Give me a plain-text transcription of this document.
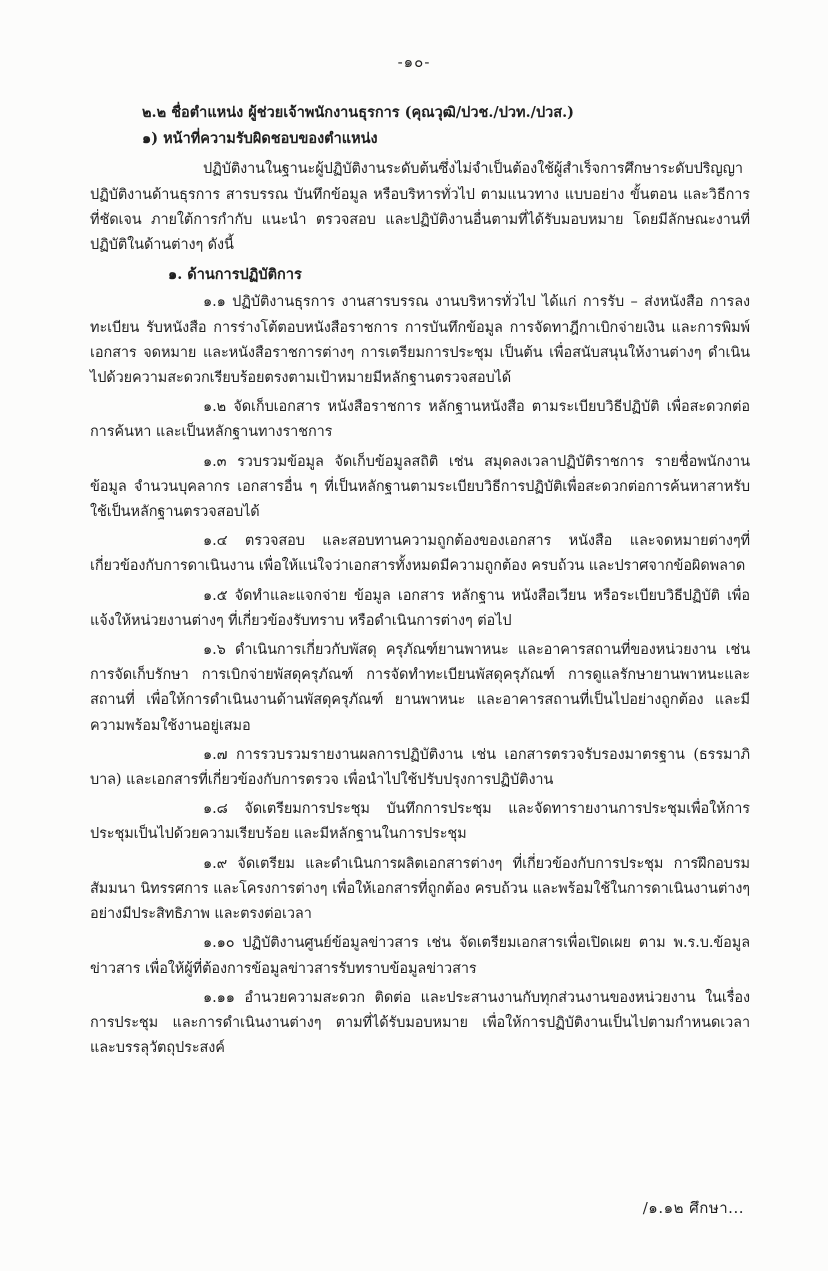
-๑๐-

๒.๒ ชื่อตำแหน่ง ผู้ช่วยเจ้าพนักงานธุรการ (คุณวุฒิ/ปวช./ปวท./ปวส.)

๑) หน้าที่ความรับผิดชอบของตำแหน่ง

ปฏิบัติงานในฐานะผู้ปฏิบัติงานระดับต้นซึ่งไม่จำเป็นต้องใช้ผู้สำเร็จการศึกษาระดับปริญญา ปฏิบัติงานด้านธุรการ สารบรรณ บันทึกข้อมูล หรือบริหารทั่วไป ตามแนวทาง แบบอย่าง ขั้นตอน และวิธีการที่ชัดเจน ภายใต้การกำกับ แนะนำ ตรวจสอบ และปฏิบัติงานอื่นตามที่ได้รับมอบหมาย โดยมีลักษณะงานที่ปฏิบัติในด้านต่างๆ ดังนี้

๑. ด้านการปฏิบัติการ

๑.๑ ปฏิบัติงานธุรการ งานสารบรรณ งานบริหารทั่วไป ได้แก่ การรับ – ส่งหนังสือ การลงทะเบียน รับหนังสือ การร่างโต้ตอบหนังสือราชการ การบันทึกข้อมูล การจัดทาฎีกาเบิกจ่ายเงิน และการพิมพ์เอกสาร จดหมาย และหนังสือราชการต่างๆ การเตรียมการประชุม เป็นต้น เพื่อสนับสนุนให้งานต่างๆ ดำเนินไปด้วยความสะดวกเรียบร้อยตรงตามเป้าหมายมีหลักฐานตรวจสอบได้

๑.๒ จัดเก็บเอกสาร หนังสือราชการ หลักฐานหนังสือ ตามระเบียบวิธีปฏิบัติ เพื่อสะดวกต่อการค้นหา และเป็นหลักฐานทางราชการ

๑.๓ รวบรวมข้อมูล จัดเก็บข้อมูลสถิติ เช่น สมุดลงเวลาปฏิบัติราชการ รายชื่อพนักงานข้อมูล จำนวนบุคลากร เอกสารอื่น ๆ ที่เป็นหลักฐานตามระเบียบวิธีการปฏิบัติเพื่อสะดวกต่อการค้นหาสาหรับใช้เป็นหลักฐานตรวจสอบได้

๑.๔ ตรวจสอบ และสอบทานความถูกต้องของเอกสาร หนังสือ และจดหมายต่างๆที่เกี่ยวข้องกับการดาเนินงาน เพื่อให้แน่ใจว่าเอกสารทั้งหมดมีความถูกต้อง ครบถ้วน และปราศจากข้อผิดพลาด

๑.๕ จัดทำและแจกจ่าย ข้อมูล เอกสาร หลักฐาน หนังสือเวียน หรือระเบียบวิธีปฏิบัติ เพื่อแจ้งให้หน่วยงานต่างๆ ที่เกี่ยวข้องรับทราบ หรือดำเนินการต่างๆ ต่อไป

๑.๖ ดำเนินการเกี่ยวกับพัสดุ ครุภัณฑ์ยานพาหนะ และอาคารสถานที่ของหน่วยงาน เช่น การจัดเก็บรักษา การเบิกจ่ายพัสดุครุภัณฑ์ การจัดทำทะเบียนพัสดุครุภัณฑ์ การดูแลรักษายานพาหนะและสถานที่ เพื่อให้การดำเนินงานด้านพัสดุครุภัณฑ์ ยานพาหนะ และอาคารสถานที่เป็นไปอย่างถูกต้อง และมีความพร้อมใช้งานอยู่เสมอ

๑.๗ การรวบรวมรายงานผลการปฏิบัติงาน เช่น เอกสารตรวจรับรองมาตรฐาน (ธรรมาภิบาล) และเอกสารที่เกี่ยวข้องกับการตรวจ เพื่อนำไปใช้ปรับปรุงการปฏิบัติงาน

๑.๘ จัดเตรียมการประชุม บันทึกการประชุม และจัดทารายงานการประชุมเพื่อให้การประชุมเป็นไปด้วยความเรียบร้อย และมีหลักฐานในการประชุม

๑.๙ จัดเตรียม และดำเนินการผลิตเอกสารต่างๆ ที่เกี่ยวข้องกับการประชุม การฝึกอบรมสัมมนา นิทรรศการ และโครงการต่างๆ เพื่อให้เอกสารที่ถูกต้อง ครบถ้วน และพร้อมใช้ในการดาเนินงานต่างๆ อย่างมีประสิทธิภาพ และตรงต่อเวลา

๑.๑๐ ปฏิบัติงานศูนย์ข้อมูลข่าวสาร เช่น จัดเตรียมเอกสารเพื่อเปิดเผย ตาม พ.ร.บ.ข้อมูลข่าวสาร เพื่อให้ผู้ที่ต้องการข้อมูลข่าวสารรับทราบข้อมูลข่าวสาร

๑.๑๑ อำนวยความสะดวก ติดต่อ และประสานงานกับทุกส่วนงานของหน่วยงาน ในเรื่องการประชุม และการดำเนินงานต่างๆ ตามที่ได้รับมอบหมาย เพื่อให้การปฏิบัติงานเป็นไปตามกำหนดเวลา และบรรลุวัตถุประสงค์

/๑.๑๒ ศึกษา...
